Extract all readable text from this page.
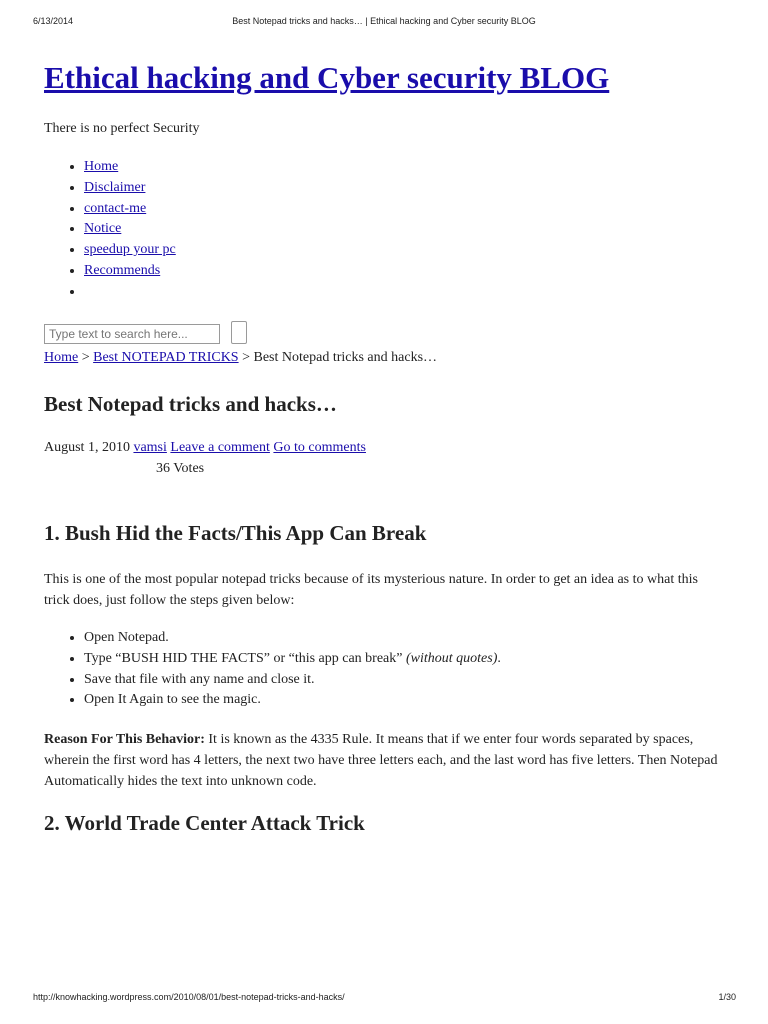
6/13/2014	Best Notepad tricks and hacks… | Ethical hacking and Cyber security BLOG
Ethical hacking and Cyber security BLOG
There is no perfect Security
• Home
• Disclaimer
• contact-me
• Notice
• speedup your pc
• Recommends
•
Type text to search here...
Home > Best NOTEPAD TRICKS > Best Notepad tricks and hacks…
Best Notepad tricks and hacks…
August 1, 2010 vamsi Leave a comment Go to comments
36 Votes
1. Bush Hid the Facts/This App Can Break

This is one of the most popular notepad tricks because of its mysterious nature. In order to get an idea as to what this trick does, just follow the steps given below:

• Open Notepad.
• Type “BUSH HID THE FACTS” or “this app can break” (without quotes).
• Save that file with any name and close it.
• Open It Again to see the magic.

Reason For This Behavior: It is known as the 4335 Rule. It means that if we enter four words separated by spaces, wherein the first word has 4 letters, the next two have three letters each, and the last word has five letters. Then Notepad Automatically hides the text into unknown code.

2. World Trade Center Attack Trick
http://knowhacking.wordpress.com/2010/08/01/best-notepad-tricks-and-hacks/	1/30
